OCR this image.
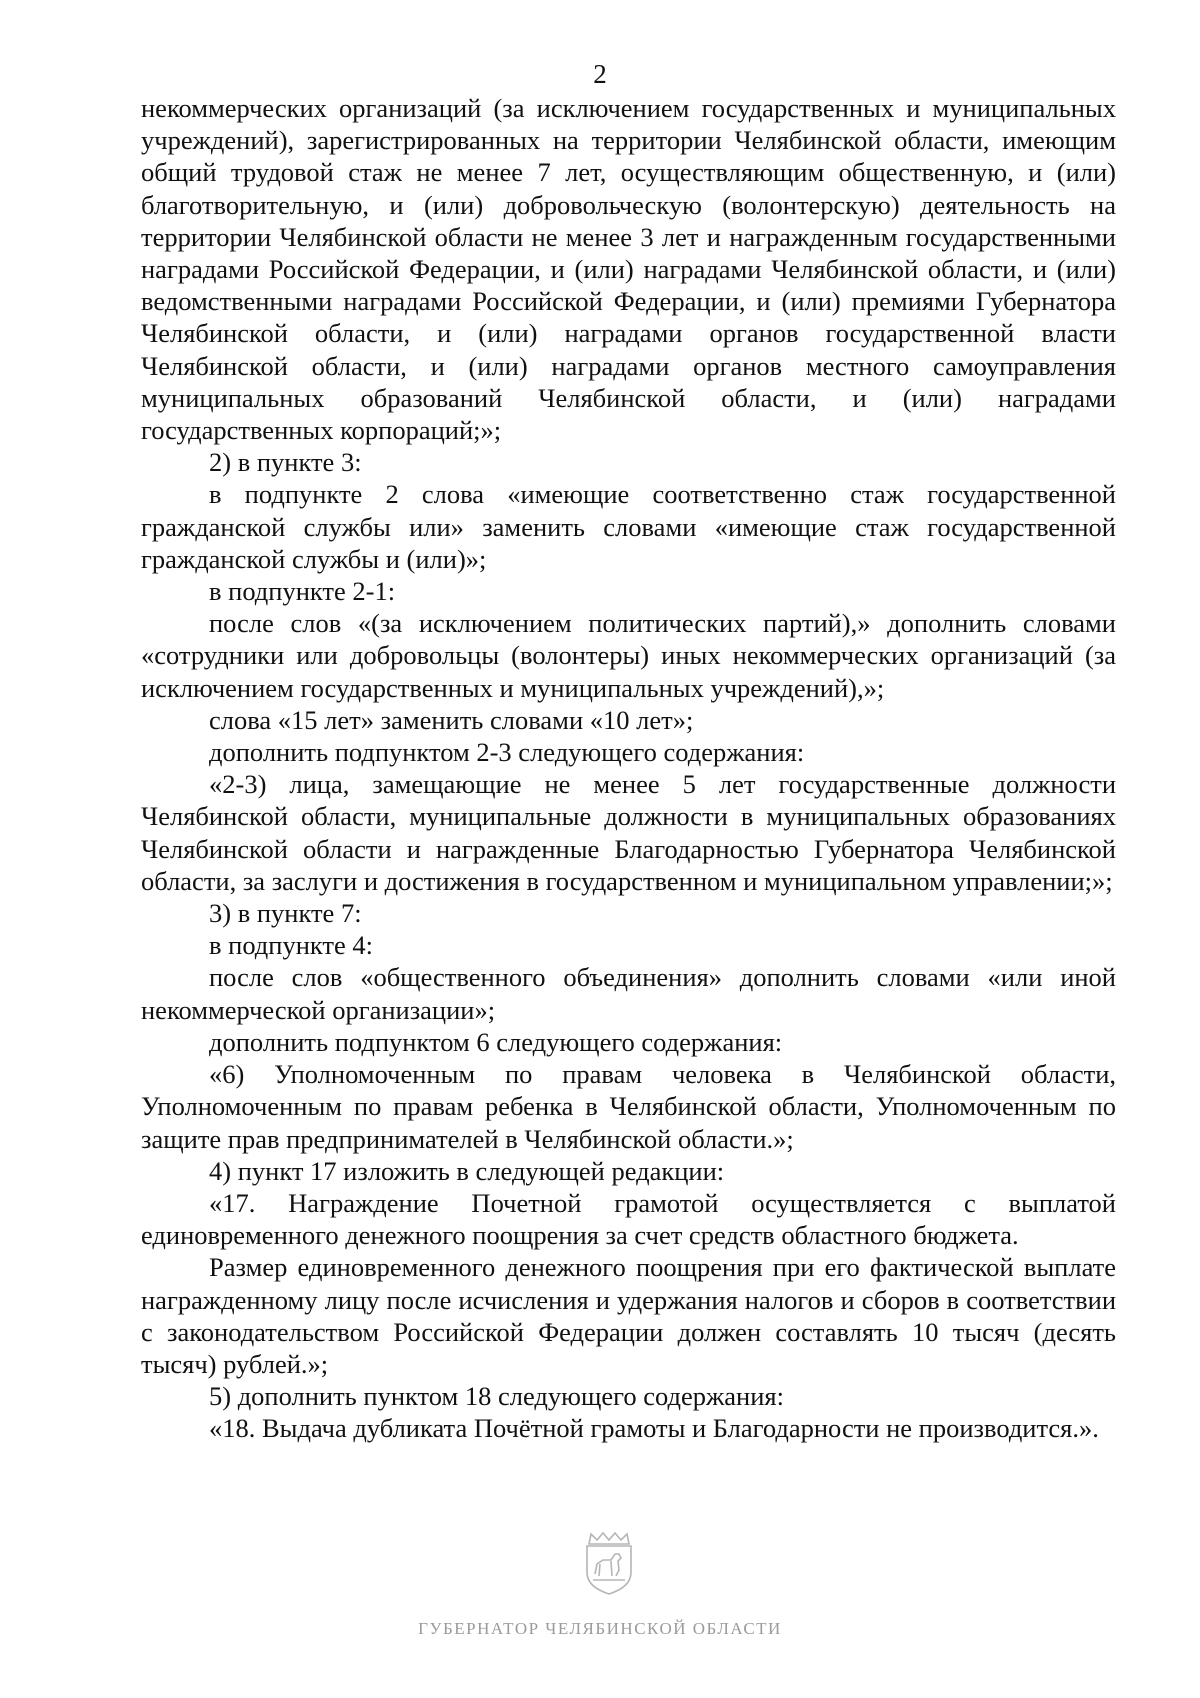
2

некоммерческих организаций (за исключением государственных и муниципальных учреждений), зарегистрированных на территории Челябинской области, имеющим общий трудовой стаж не менее 7 лет, осуществляющим общественную, и (или) благотворительную, и (или) добровольческую (волонтерскую) деятельность на территории Челябинской области не менее 3 лет и награжденным государственными наградами Российской Федерации, и (или) наградами Челябинской области, и (или) ведомственными наградами Российской Федерации, и (или) премиями Губернатора Челябинской области, и (или) наградами органов государственной власти Челябинской области, и (или) наградами органов местного самоуправления муниципальных образований Челябинской области, и (или) наградами государственных корпораций;»;

2) в пункте 3:

в подпункте 2 слова «имеющие соответственно стаж государственной гражданской службы или» заменить словами «имеющие стаж государственной гражданской службы и (или)»;

в подпункте 2-1:

после слов «(за исключением политических партий),» дополнить словами «сотрудники или добровольцы (волонтеры) иных некоммерческих организаций (за исключением государственных и муниципальных учреждений),»;

слова «15 лет» заменить словами «10 лет»;

дополнить подпунктом 2-3 следующего содержания:

«2-3) лица, замещающие не менее 5 лет государственные должности Челябинской области, муниципальные должности в муниципальных образованиях Челябинской области и награжденные Благодарностью Губернатора Челябинской области, за заслуги и достижения в государственном и муниципальном управлении;»;

3) в пункте 7:

в подпункте 4:

после слов «общественного объединения» дополнить словами «или иной некоммерческой организации»;

дополнить подпунктом 6 следующего содержания:

«6) Уполномоченным по правам человека в Челябинской области, Уполномоченным по правам ребенка в Челябинской области, Уполномоченным по защите прав предпринимателей в Челябинской области.»;

4) пункт 17 изложить в следующей редакции:

«17. Награждение Почетной грамотой осуществляется с выплатой единовременного денежного поощрения за счет средств областного бюджета.

Размер единовременного денежного поощрения при его фактической выплате награжденному лицу после исчисления и удержания налогов и сборов в соответствии с законодательством Российской Федерации должен составлять 10 тысяч (десять тысяч) рублей.»;

5) дополнить пунктом 18 следующего содержания:

«18. Выдача дубликата Почётной грамоты и Благодарности не производится.».

ГУБЕРНАТОР ЧЕЛЯБИНСКОЙ ОБЛАСТИ
